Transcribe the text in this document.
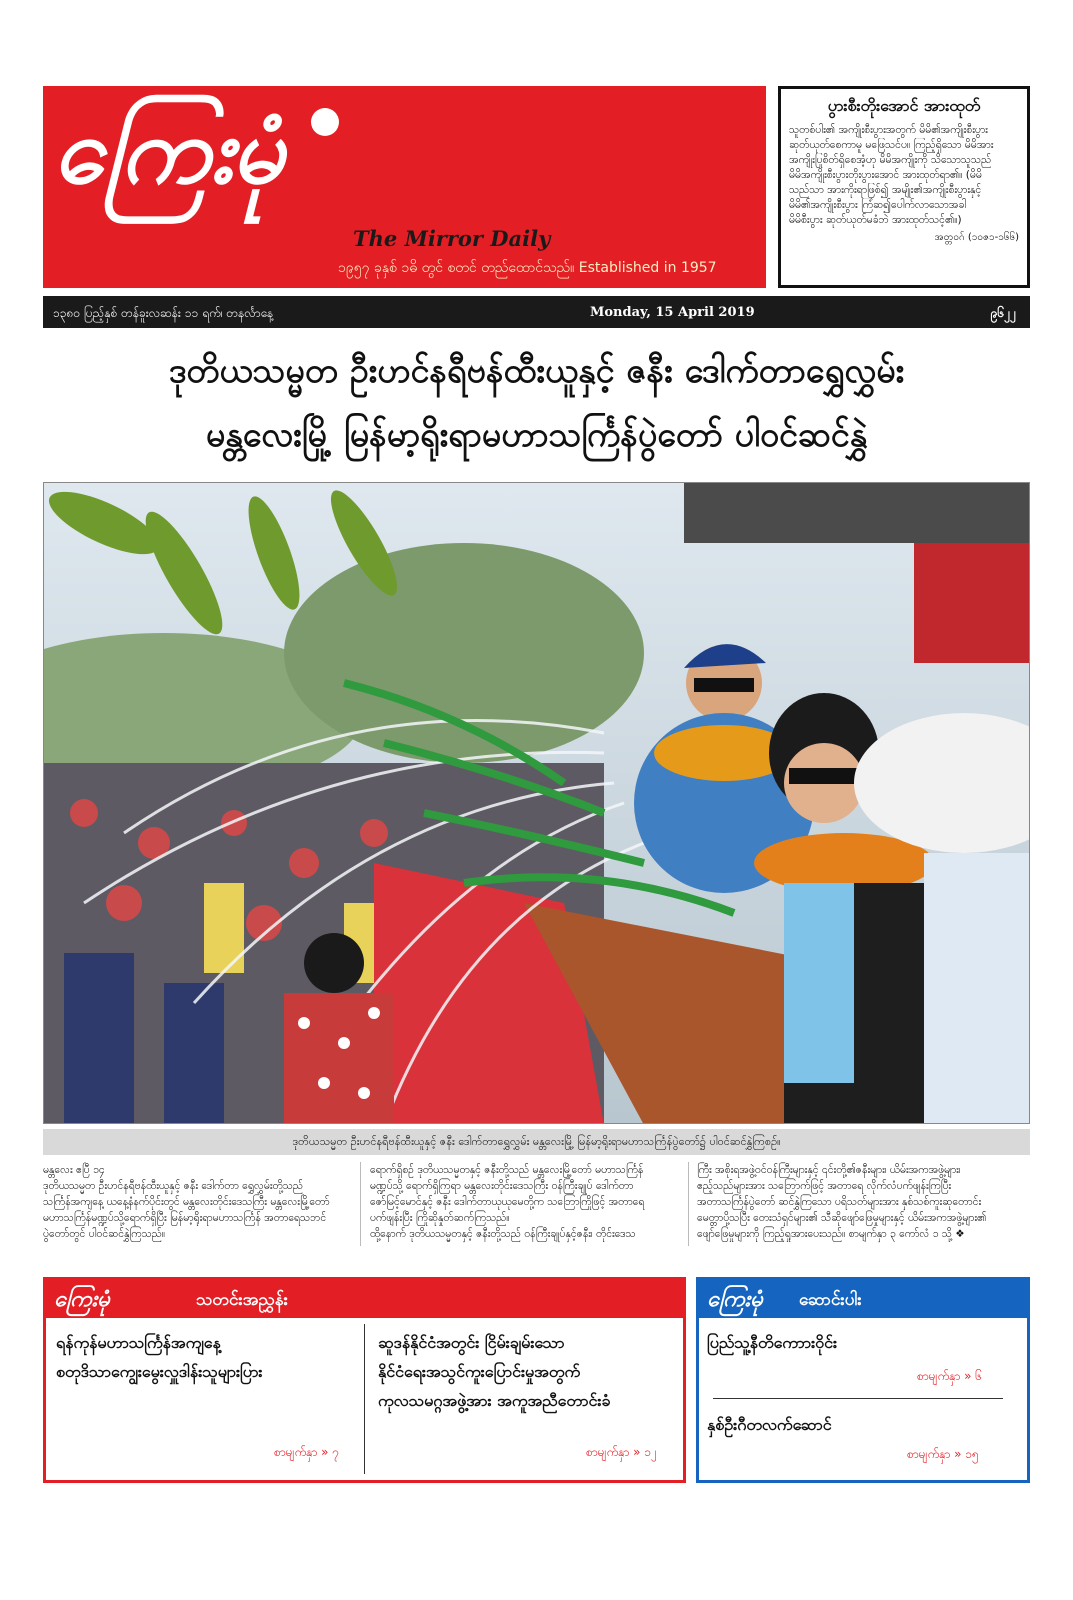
ကြေးမုံ
The Mirror Daily
၁၉၅၇ ခုနှစ် ၁ဓိ တွင် စတင် တည်ထောင်သည်။ Established in 1957
ပွားစီးတိုးအောင် အားထုတ်
သူတစ်ပါး၏ အကျိုးစီးပွားအတွက် မိမိ၏အကျိုးစီးပွား
ဆုတ်ယုတ်စေကာမူ မဖြေသင်ပ။ ကြည့်ရှိသော မိမိအား
အကျိုးပြုစိတ်ရှိစေအံ့ဟု မိမိအကျိုးကို သိသောသူသည်
မိမိအကျိုးစီးပွားတိုးပွားအောင် အားထုတ်ရာ၏။ (မိမိ
သည်သာ အားကိုးရာဖြစ်၍ အမျိုး၏အကျိုးစီးပွားနှင့်
မိမိ၏အကျိုးစီးပွား ကြံဆ၍ပေါက်လာသောအခါ
မိမိစီးပွား ဆုတ်ယုတ်မခံဘဲ အားထုတ်သင့်၏။)
အတ္တဝဂ် (၁၀ဇ၁-၁၆၆)
၁၃၈၀ ပြည့်နှစ် တန်ခူးလဆန်း ၁၁ ရက်၊ တနင်္လာနေ့	Monday, 15 April 2019	၉၆၂၂
ဒုတိယသမ္မတ ဦးဟင်နရီဗန်ထီးယူနှင့် ဇနီး ဒေါက်တာရွှေလွှမ်း
မန္တလေးမြို့ မြန်မာ့ရိုးရာမဟာသင်္ကြန်ပွဲတော် ပါဝင်ဆင်နွှဲ
ဒုတိယသမ္မတ ဦးဟင်နရီဗန်ထီးယူနှင့် ဇနီး ဒေါက်တာရွှေလွှမ်း မန္တလေးမြို့ မြန်မာ့ရိုးရာမဟာသင်္ကြန်ပွဲတော်၌ ပါဝင်ဆင်နွှဲကြစဉ်။
မန္တလေး ဧပြီ ၁၄
ဒုတိယသမ္မတ ဦးဟင်နရီဗန်ထီးယူနှင့် ဇနီး ဒေါက်တာ ရွှေလွှမ်းတို့သည်
သင်္ကြန်အကျနေ့ ယနေ့နံနက်ပိုင်းတွင် မန္တလေးတိုင်းဒေသကြီး မန္တလေးမြို့တော်
မဟာသင်္ကြန်မဏ္ဍပ်သို့ရောက်ရှိပြီး မြန်မာ့ရိုးရာမဟာသင်္ကြန် အတာရေသဘင်
ပွဲတော်တွင် ပါဝင်ဆင်နွှဲကြသည်။
ရောက်ရှိစဉ် ဒုတိယသမ္မတနှင့် ဇနီးတို့သည် မန္တလေးမြို့တော် မဟာသင်္ကြန်
မဏ္ဍပ်သို့ ရောက်ရှိကြရာ မန္တလေးတိုင်းဒေသကြီး ဝန်ကြီးချုပ် ဒေါက်တာ
ဇော်မြင့်မောင်နှင့် ဇနီး ဒေါက်တာယုယုမေတို့က သဘြောကြိုဖြင့် အတာရေ
ပက်ဖျန်းပြီး ကြိုဆိုနှုတ်ဆက်ကြသည်။
ထို့နောက် ဒုတိယသမ္မတနှင့် ဇနီးတို့သည် ဝန်ကြီးချုပ်နှင့်ဇနီး၊ တိုင်းဒေသ
ကြီး အစိုးရအဖွဲ့ဝင်ဝန်ကြီးများနှင့် ၎င်းတို့၏ဇနီးများ၊ ယိမ်းအကအဖွဲ့များ၊
ဧည့်သည်များအား သဘြောက်ဖြင့် အတာရေ လိုက်လံပက်ဖျန်းကြပြီး
အတာသင်္ကြန်ပွဲတော် ဆင်နွှဲကြသော ပရိသတ်များအား နှစ်သစ်ကူးဆုတောင်း
မေတ္တာပို့သပြီး တေးသံရှင်များ၏ သီဆိုဖျော်ဖြေမှုများနှင့် ယိမ်းအကအဖွဲ့များ၏
ဖျော်ဖြေမှုများကို ကြည့်ရှုအားပေးသည်။ စာမျက်နှာ ၃ ကော်လံ ၁ သို့ ❖
ကြေးမုံ	သတင်းအညွှန်း
ရန်ကုန်မဟာသင်္ကြန်အကျနေ့
စတုဒိသာကျွေးမွေးလှူဒါန်းသူများပြား
စာမျက်နှာ » ၇
ဆူဒန်နိုင်ငံအတွင်း ငြိမ်းချမ်းသော
နိုင်ငံရေးအသွင်ကူးပြောင်းမှုအတွက်
ကုလသမဂ္ဂအဖွဲ့အား အကူအညီတောင်းခံ
စာမျက်နှာ » ၁၂
ကြေးမုံ ဆောင်းပါး
ပြည်သူ့နီတိကောားဝိုင်း
စာမျက်နှာ » ၆
နှစ်ဦးဂီတလက်ဆောင်
စာမျက်နှာ » ၁၅
